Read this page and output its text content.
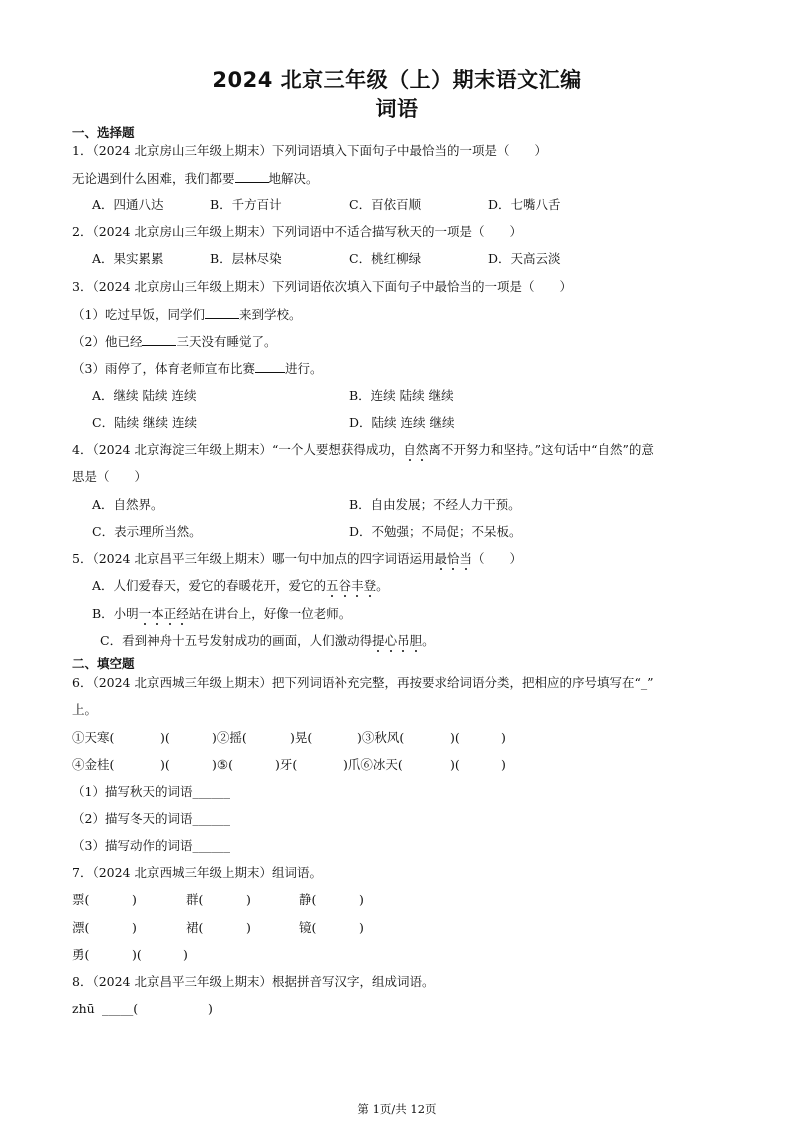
2024 北京三年级（上）期末语文汇编
词语
一、选择题
1．（2024 北京房山三年级上期末）下列词语填入下面句子中最恰当的一项是（　　）
无论遇到什么困难，我们都要	地解决。
A．四通八达	B．千方百计	C．百依百顺	D．七嘴八舌
2．（2024 北京房山三年级上期末）下列词语中不适合描写秋天的一项是（　　）
A．果实累累	B．层林尽染	C．桃红柳绿	D．天高云淡
3．（2024 北京房山三年级上期末）下列词语依次填入下面句子中最恰当的一项是（　　）
（1）吃过早饭，同学们	来到学校。
（2）他已经	三天没有睡觉了。
（3）雨停了，体育老师宣布比赛 进行。
A．继续 陆续 连续	B．连续 陆续 继续
C．陆续 继续 连续	D．陆续 连续 继续
4．（2024 北京海淀三年级上期末）“一个人要想获得成功，自然离不开努力和坚持。”这句话中“自然”的意
思是（　　）
A．自然界。	B．自由发展；不经人力干预。
C．表示理所当然。	D．不勉强；不局促；不呆板。
5．（2024 北京昌平三年级上期末）哪一句中加点的四字词语运用最恰当（　　）
A．人们爱春天，爱它的春暖花开，爱它的五谷丰登。
B．小明一本正经站在讲台上，好像一位老师。
C．看到神舟十五号发射成功的画面，人们激动得提心吊胆。
二、填空题
6．（2024 北京西城三年级上期末）把下列词语补充完整，再按要求给词语分类，把相应的序号填写在“_”
上。
①天寒(	)(	)②摇(	)晃(	)③秋风(	)(	)
④金桂(	)(	)⑤(	)牙(	)爪⑥冰天(	)(	)
（1）描写秋天的词语______
（2）描写冬天的词语______
（3）描写动作的词语______
7．（2024 北京西城三年级上期末）组词语。
票(	)	群(	)	静(	)
漂(	)	裙(	)	镜(	)
勇(	)(	)
8．（2024 北京昌平三年级上期末）根据拼音写汉字，组成词语。
zhū _____(	)
第 1页/共 12页
